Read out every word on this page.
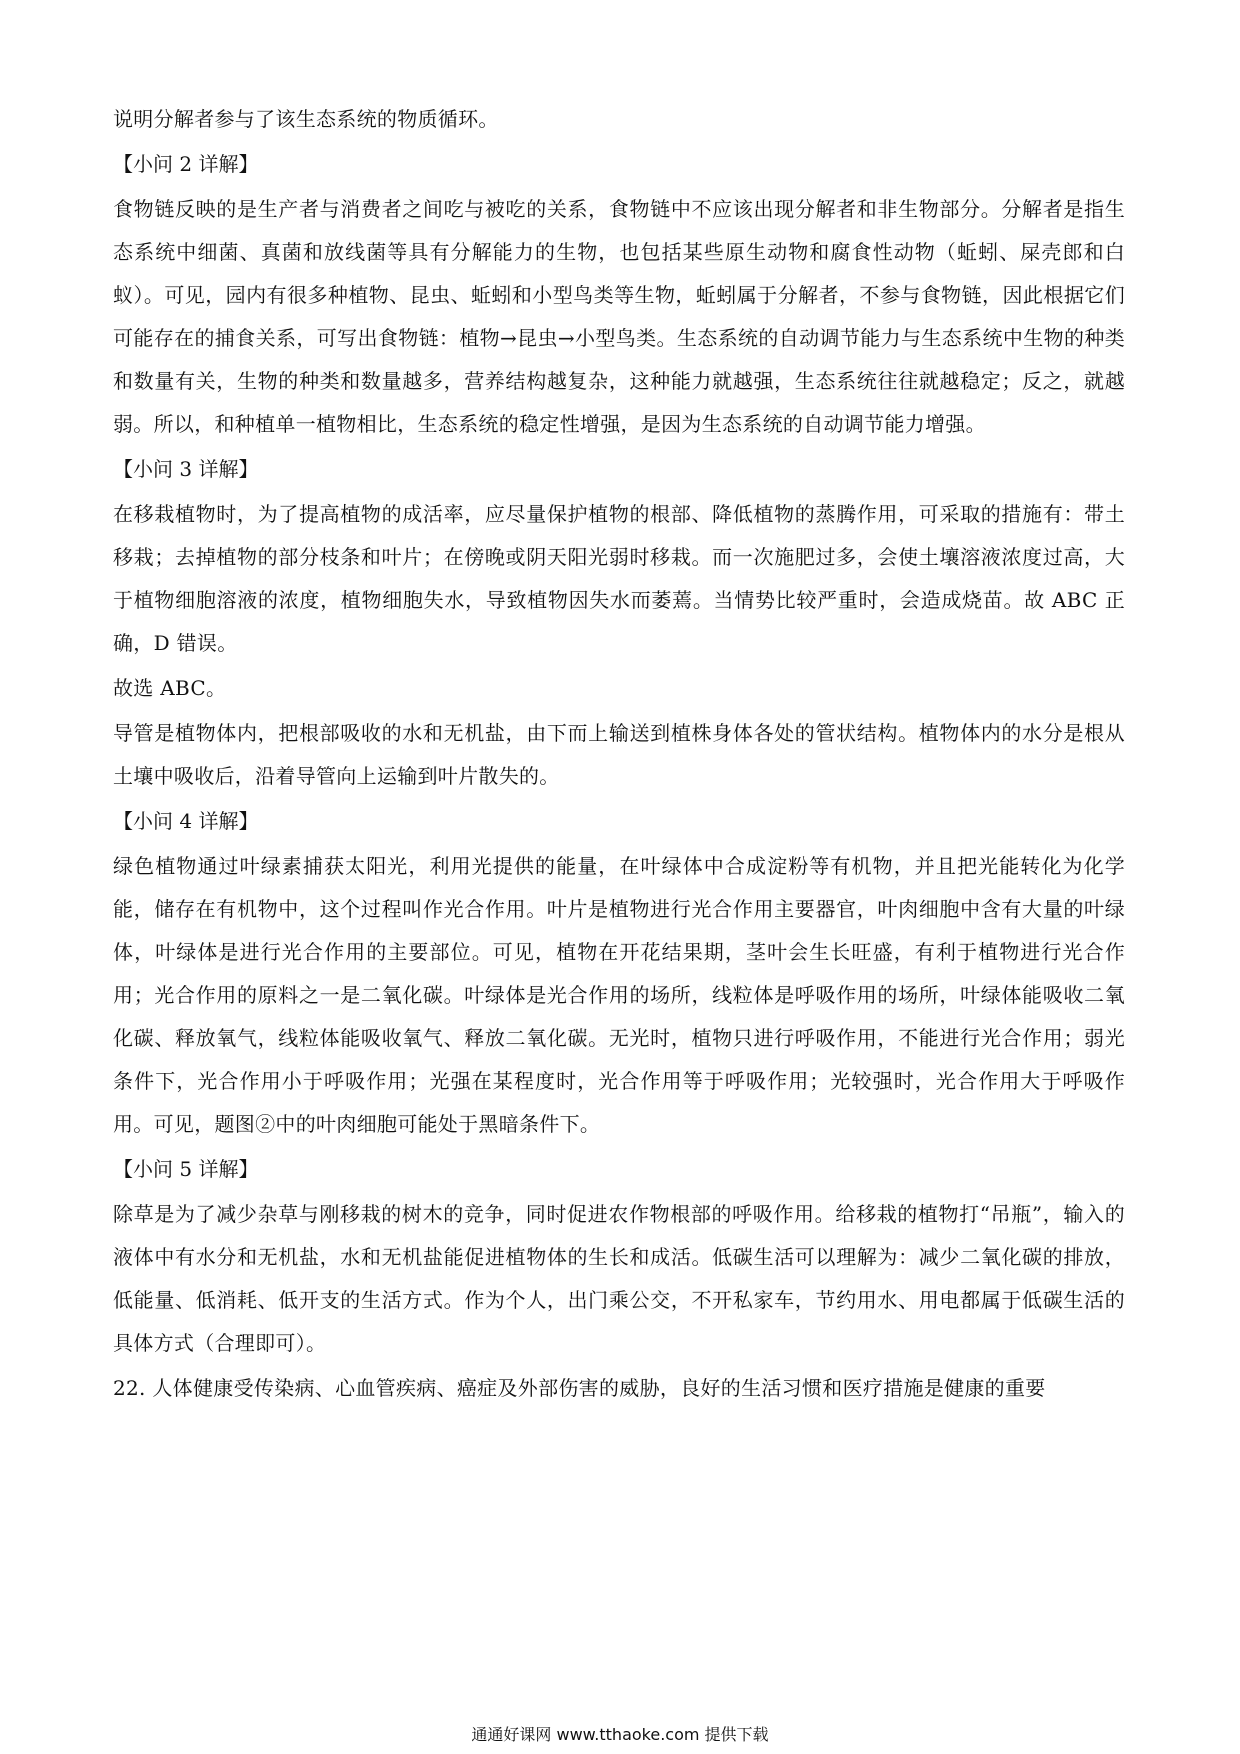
说明分解者参与了该生态系统的物质循环。

【小问 2 详解】

食物链反映的是生产者与消费者之间吃与被吃的关系，食物链中不应该出现分解者和非生物部分。分解者是指生态系统中细菌、真菌和放线菌等具有分解能力的生物，也包括某些原生动物和腐食性动物（蚯蚓、屎壳郎和白蚁）。可见，园内有很多种植物、昆虫、蚯蚓和小型鸟类等生物，蚯蚓属于分解者，不参与食物链，因此根据它们可能存在的捕食关系，可写出食物链：植物→昆虫→小型鸟类。生态系统的自动调节能力与生态系统中生物的种类和数量有关，生物的种类和数量越多，营养结构越复杂，这种能力就越强，生态系统往往就越稳定；反之，就越弱。所以，和种植单一植物相比，生态系统的稳定性增强，是因为生态系统的自动调节能力增强。

【小问 3 详解】

在移栽植物时，为了提高植物的成活率，应尽量保护植物的根部、降低植物的蒸腾作用，可采取的措施有：带土移栽；去掉植物的部分枝条和叶片；在傍晚或阴天阳光弱时移栽。而一次施肥过多，会使土壤溶液浓度过高，大于植物细胞溶液的浓度，植物细胞失水，导致植物因失水而萎蔫。当情势比较严重时，会造成烧苗。故 ABC 正确，D 错误。

故选 ABC。

导管是植物体内，把根部吸收的水和无机盐，由下而上输送到植株身体各处的管状结构。植物体内的水分是根从土壤中吸收后，沿着导管向上运输到叶片散失的。

【小问 4 详解】

绿色植物通过叶绿素捕获太阳光，利用光提供的能量，在叶绿体中合成淀粉等有机物，并且把光能转化为化学能，储存在有机物中，这个过程叫作光合作用。叶片是植物进行光合作用主要器官，叶肉细胞中含有大量的叶绿体，叶绿体是进行光合作用的主要部位。可见，植物在开花结果期，茎叶会生长旺盛，有利于植物进行光合作用；光合作用的原料之一是二氧化碳。叶绿体是光合作用的场所，线粒体是呼吸作用的场所，叶绿体能吸收二氧化碳、释放氧气，线粒体能吸收氧气、释放二氧化碳。无光时，植物只进行呼吸作用，不能进行光合作用；弱光条件下，光合作用小于呼吸作用；光强在某程度时，光合作用等于呼吸作用；光较强时，光合作用大于呼吸作用。可见，题图②中的叶肉细胞可能处于黑暗条件下。

【小问 5 详解】

除草是为了减少杂草与刚移栽的树木的竞争，同时促进农作物根部的呼吸作用。给移栽的植物打“吊瓶”，输入的液体中有水分和无机盐，水和无机盐能促进植物体的生长和成活。低碳生活可以理解为：减少二氧化碳的排放，低能量、低消耗、低开支的生活方式。作为个人，出门乘公交，不开私家车，节约用水、用电都属于低碳生活的具体方式（合理即可）。

22. 人体健康受传染病、心血管疾病、癌症及外部伤害的威胁，良好的生活习惯和医疗措施是健康的重要

通通好课网 www.tthaoke.com 提供下载
